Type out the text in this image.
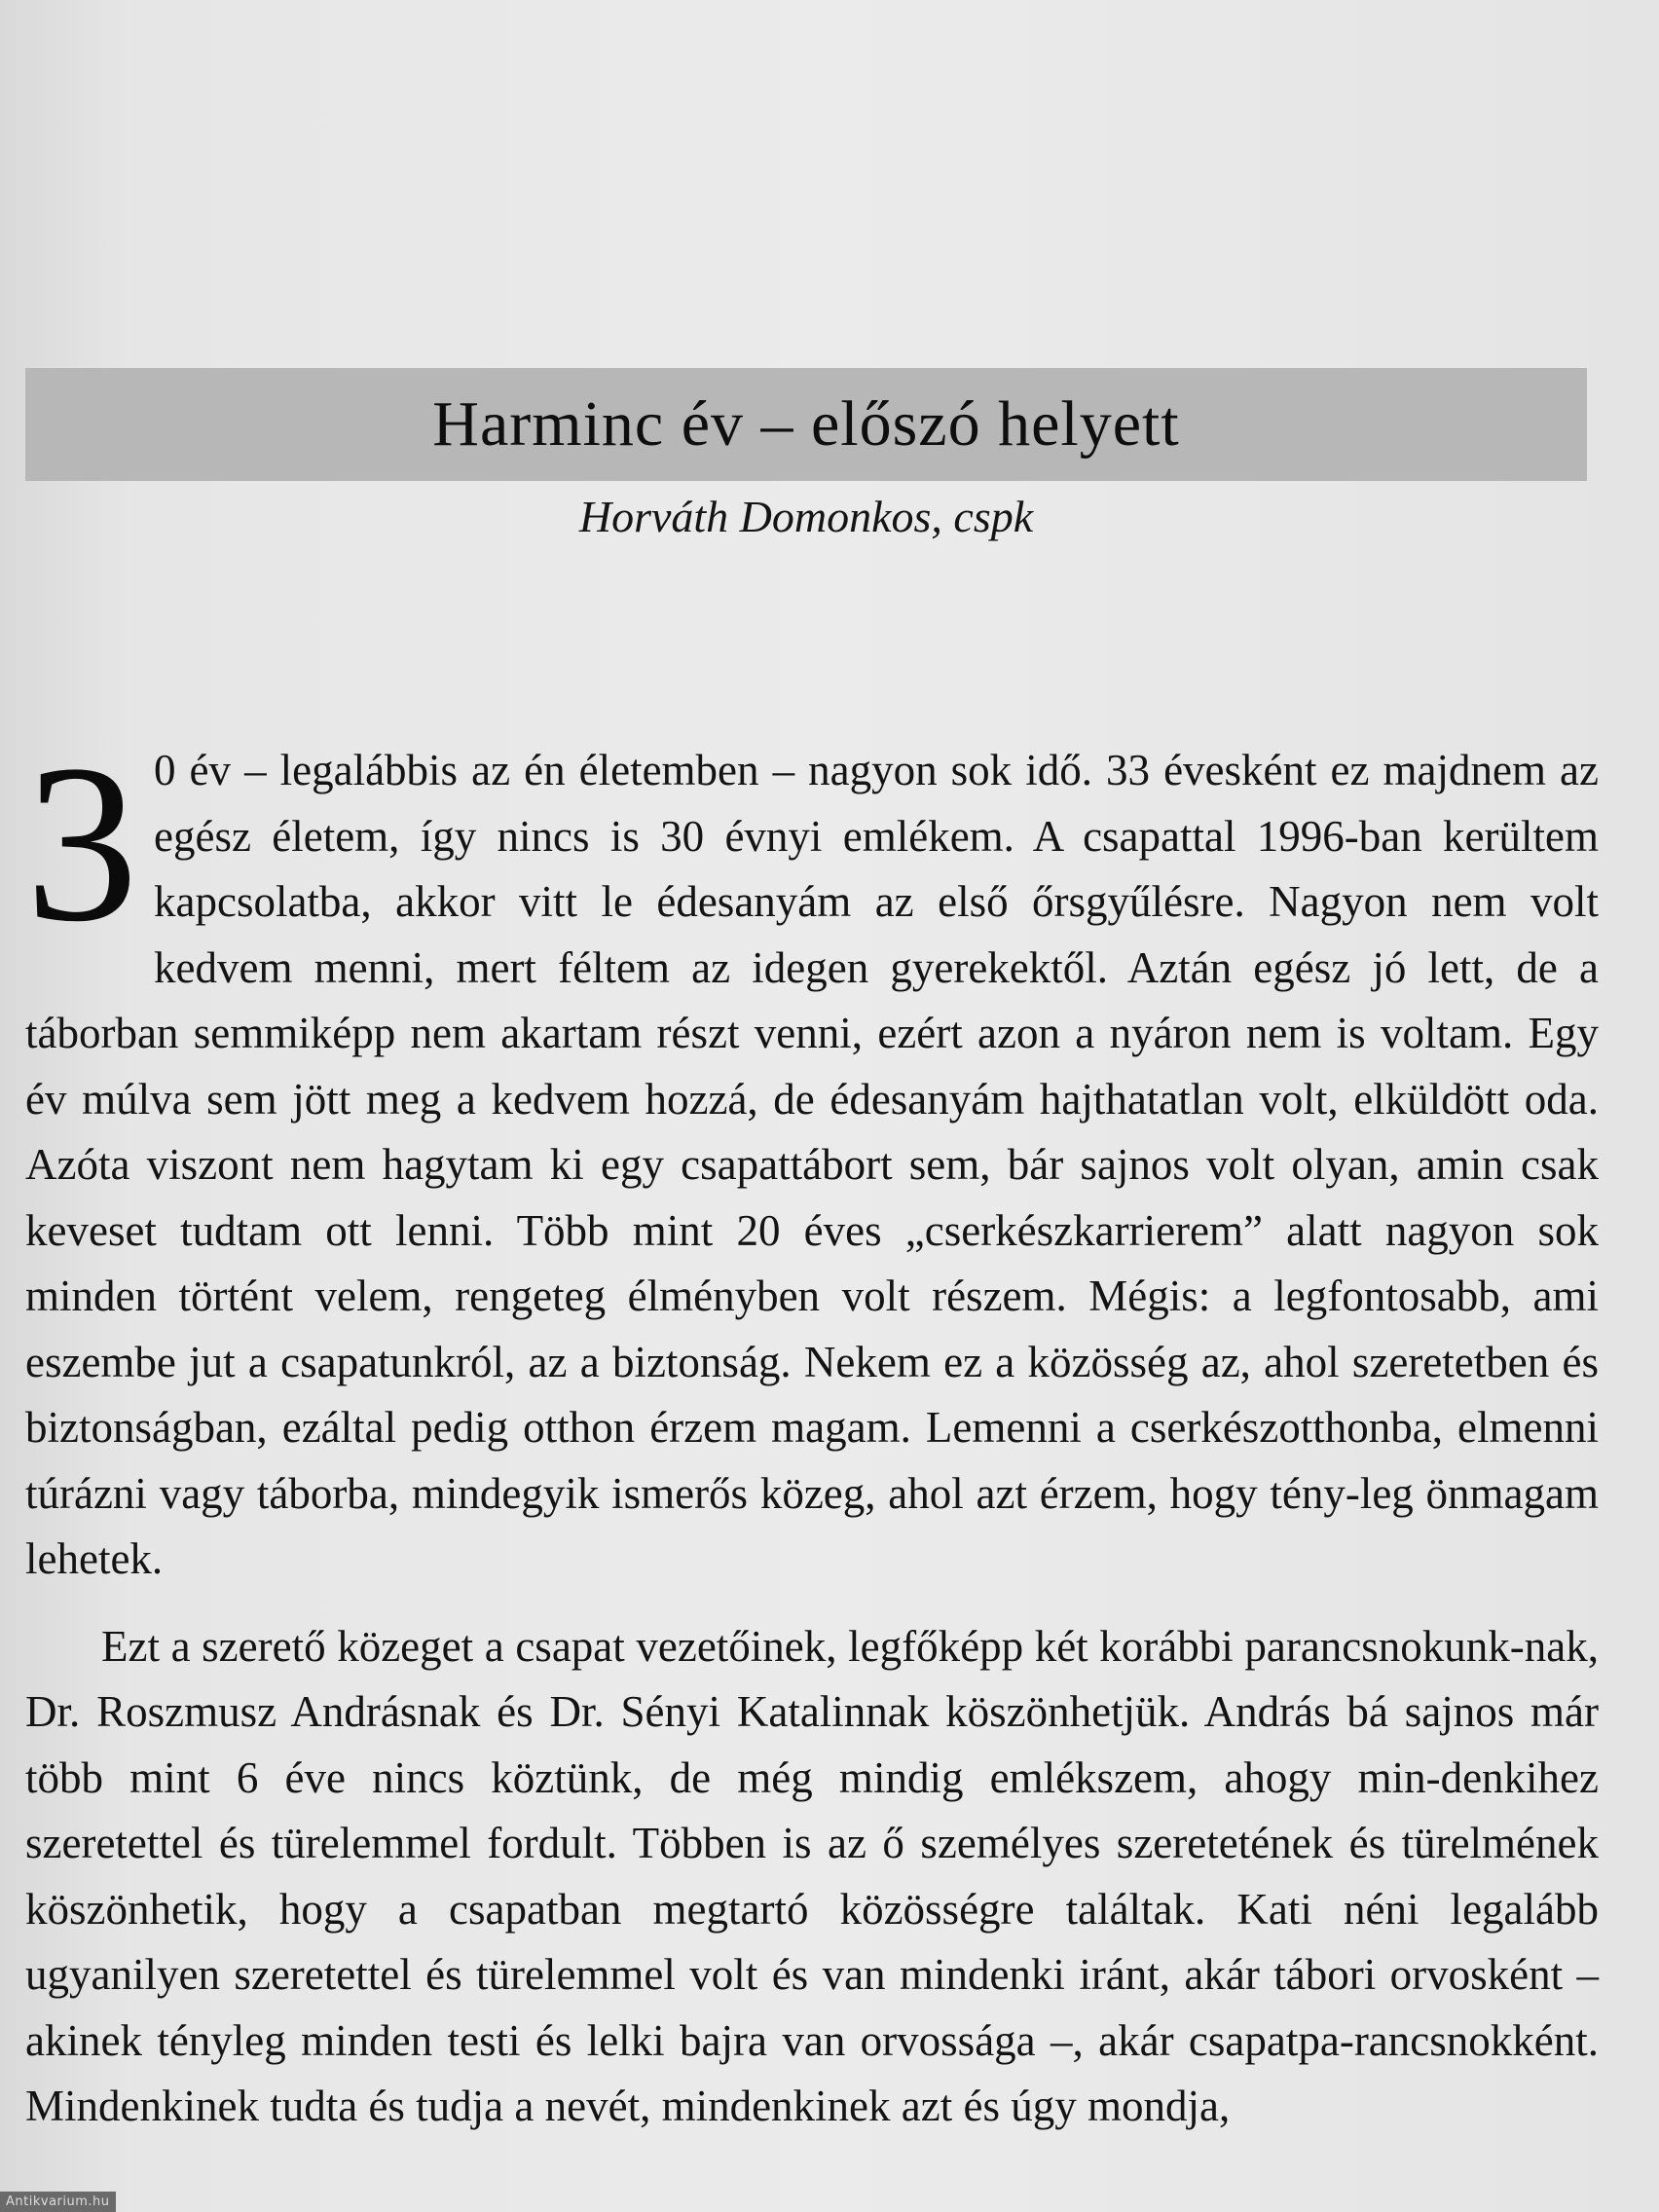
Harminc év – előszó helyett
Horváth Domonkos, cspk

3 0 év – legalábbis az én életemben – nagyon sok idő. 33 évesként ez majdnem az egész életem, így nincs is 30 évnyi emlékem. A csapattal 1996-ban kerültem kapcsolatba, akkor vitt le édesanyám az első őrsgyűlésre. Nagyon nem volt kedvem menni, mert féltem az idegen gyerekektől. Aztán egész jó lett, de a táborban semmiképp nem akartam részt venni, ezért azon a nyáron nem is voltam. Egy év múlva sem jött meg a kedvem hozzá, de édesanyám hajthatatlan volt, elküldött oda. Azóta viszont nem hagytam ki egy csapattábort sem, bár sajnos volt olyan, amin csak keveset tudtam ott lenni. Több mint 20 éves „cserkészkarrierem” alatt nagyon sok minden történt velem, rengeteg élményben volt részem. Mégis: a legfontosabb, ami eszembe jut a csapatunkról, az a biztonság. Nekem ez a közösség az, ahol szeretetben és biztonságban, ezáltal pedig otthon érzem magam. Lemenni a cserkészotthonba, elmenni túrázni vagy táborba, mindegyik ismerős közeg, ahol azt érzem, hogy tény-leg önmagam lehetek.

Ezt a szerető közeget a csapat vezetőinek, legfőképp két korábbi parancsnokunk-nak, Dr. Roszmusz Andrásnak és Dr. Sényi Katalinnak köszönhetjük. András bá sajnos már több mint 6 éve nincs köztünk, de még mindig emlékszem, ahogy min-denkihez szeretettel és türelemmel fordult. Többen is az ő személyes szeretetének és türelmének köszönhetik, hogy a csapatban megtartó közösségre találtak. Kati néni legalább ugyanilyen szeretettel és türelemmel volt és van mindenki iránt, akár tábori orvosként – akinek tényleg minden testi és lelki bajra van orvossága –, akár csapatpa-rancsnokként. Mindenkinek tudta és tudja a nevét, mindenkinek azt és úgy mondja,

Antikvarium.hu
